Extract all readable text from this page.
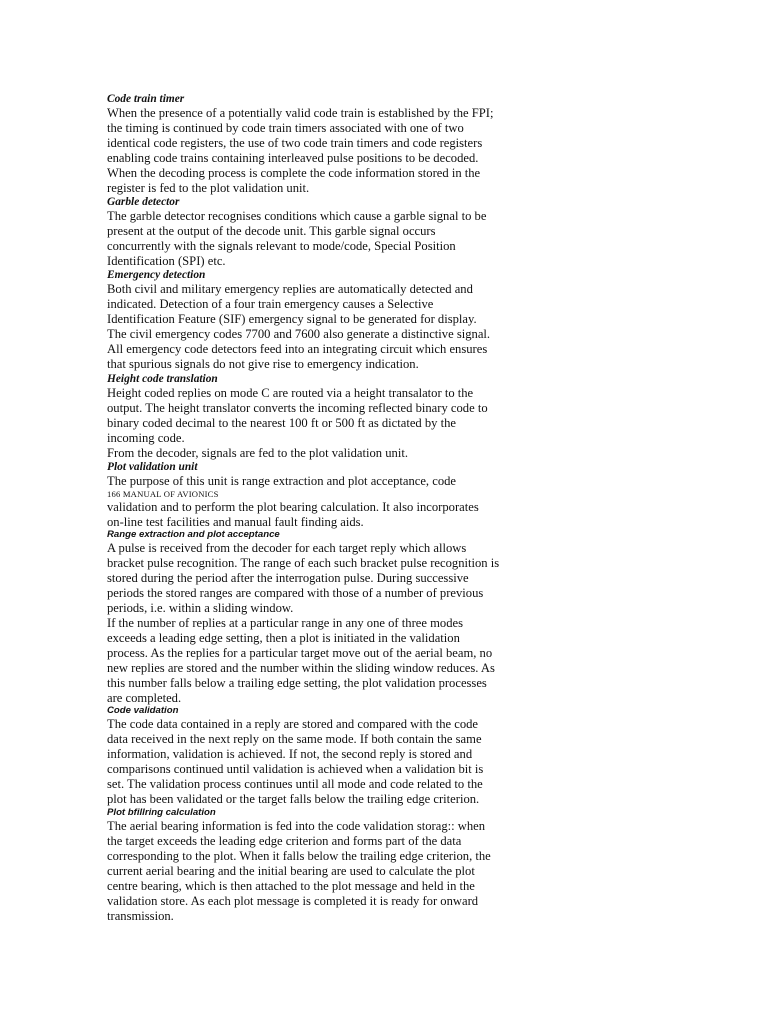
Code train timer
When the presence of a potentially valid code train is established by the FPI;
the timing is continued by code train timers associated with one of two
identical code registers, the use of two code train timers and code registers
enabling code trains containing interleaved pulse positions to be decoded.
When the decoding process is complete the code information stored in the
register is fed to the plot validation unit.
Garble detector
The garble detector recognises conditions which cause a garble signal to be
present at the output of the decode unit. This garble signal occurs
concurrently with the signals relevant to mode/code, Special Position
Identification (SPI) etc.
Emergency detection
Both civil and military emergency replies are automatically detected and
indicated. Detection of a four train emergency causes a Selective
Identification Feature (SIF) emergency signal to be generated for display.
The civil emergency codes 7700 and 7600 also generate a distinctive signal.
All emergency code detectors feed into an integrating circuit which ensures
that spurious signals do not give rise to emergency indication.
Height code translation
Height coded replies on mode C are routed via a height transalator to the
output. The height translator converts the incoming reflected binary code to
binary coded decimal to the nearest 100 ft or 500 ft as dictated by the
incoming code.
From the decoder, signals are fed to the plot validation unit.
Plot validation unit
The purpose of this unit is range extraction and plot acceptance, code
166 MANUAL OF AVIONICS
validation and to perform the plot bearing calculation. It also incorporates
on-line test facilities and manual fault finding aids.
Range extraction and plot acceptance
A pulse is received from the decoder for each target reply which allows
bracket pulse recognition. The range of each such bracket pulse recognition is
stored during the period after the interrogation pulse. During successive
periods the stored ranges are compared with those of a number of previous
periods, i.e. within a sliding window.
If the number of replies at a particular range in any one of three modes
exceeds a leading edge setting, then a plot is initiated in the validation
process. As the replies for a particular target move out of the aerial beam, no
new replies are stored and the number within the sliding window reduces. As
this number falls below a trailing edge setting, the plot validation processes
are completed.
Code validation
The code data contained in a reply are stored and compared with the code
data received in the next reply on the same mode. If both contain the same
information, validation is achieved. If not, the second reply is stored and
comparisons continued until validation is achieved when a validation bit is
set. The validation process continues until all mode and code related to the
plot has been validated or the target falls below the trailing edge criterion.
Plot bfillring calculation
The aerial bearing information is fed into the code validation storag:: when
the target exceeds the leading edge criterion and forms part of the data
corresponding to the plot. When it falls below the trailing edge criterion, the
current aerial bearing and the initial bearing are used to calculate the plot
centre bearing, which is then attached to the plot message and held in the
validation store. As each plot message is completed it is ready for onward
transmission.
